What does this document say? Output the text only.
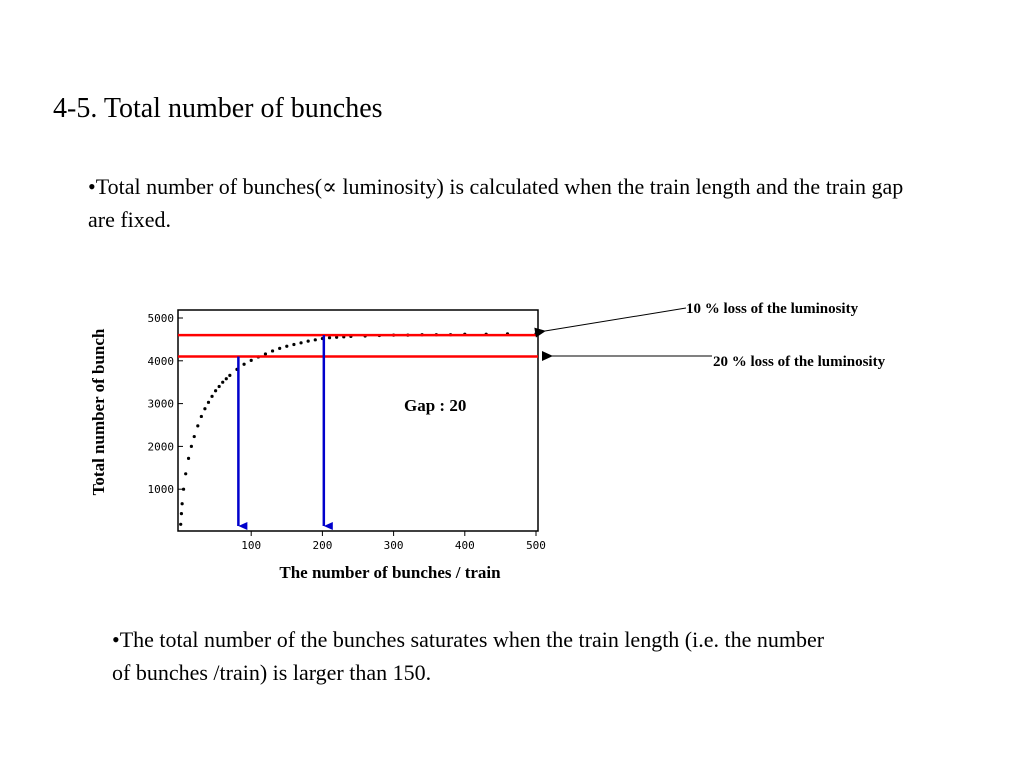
4-5. Total number of bunches
•Total number of bunches(∝ luminosity) is calculated when the train length and the train gap are fixed.
100	200	300	400	500
1000
2000
3000
4000
5000
10 % loss of the luminosity
20 % loss of the luminosity
The number of bunches / train
Total number of bunch	Gap : 20
•The total number of the bunches saturates when the train length (i.e. the number of bunches /train) is larger than 150.
